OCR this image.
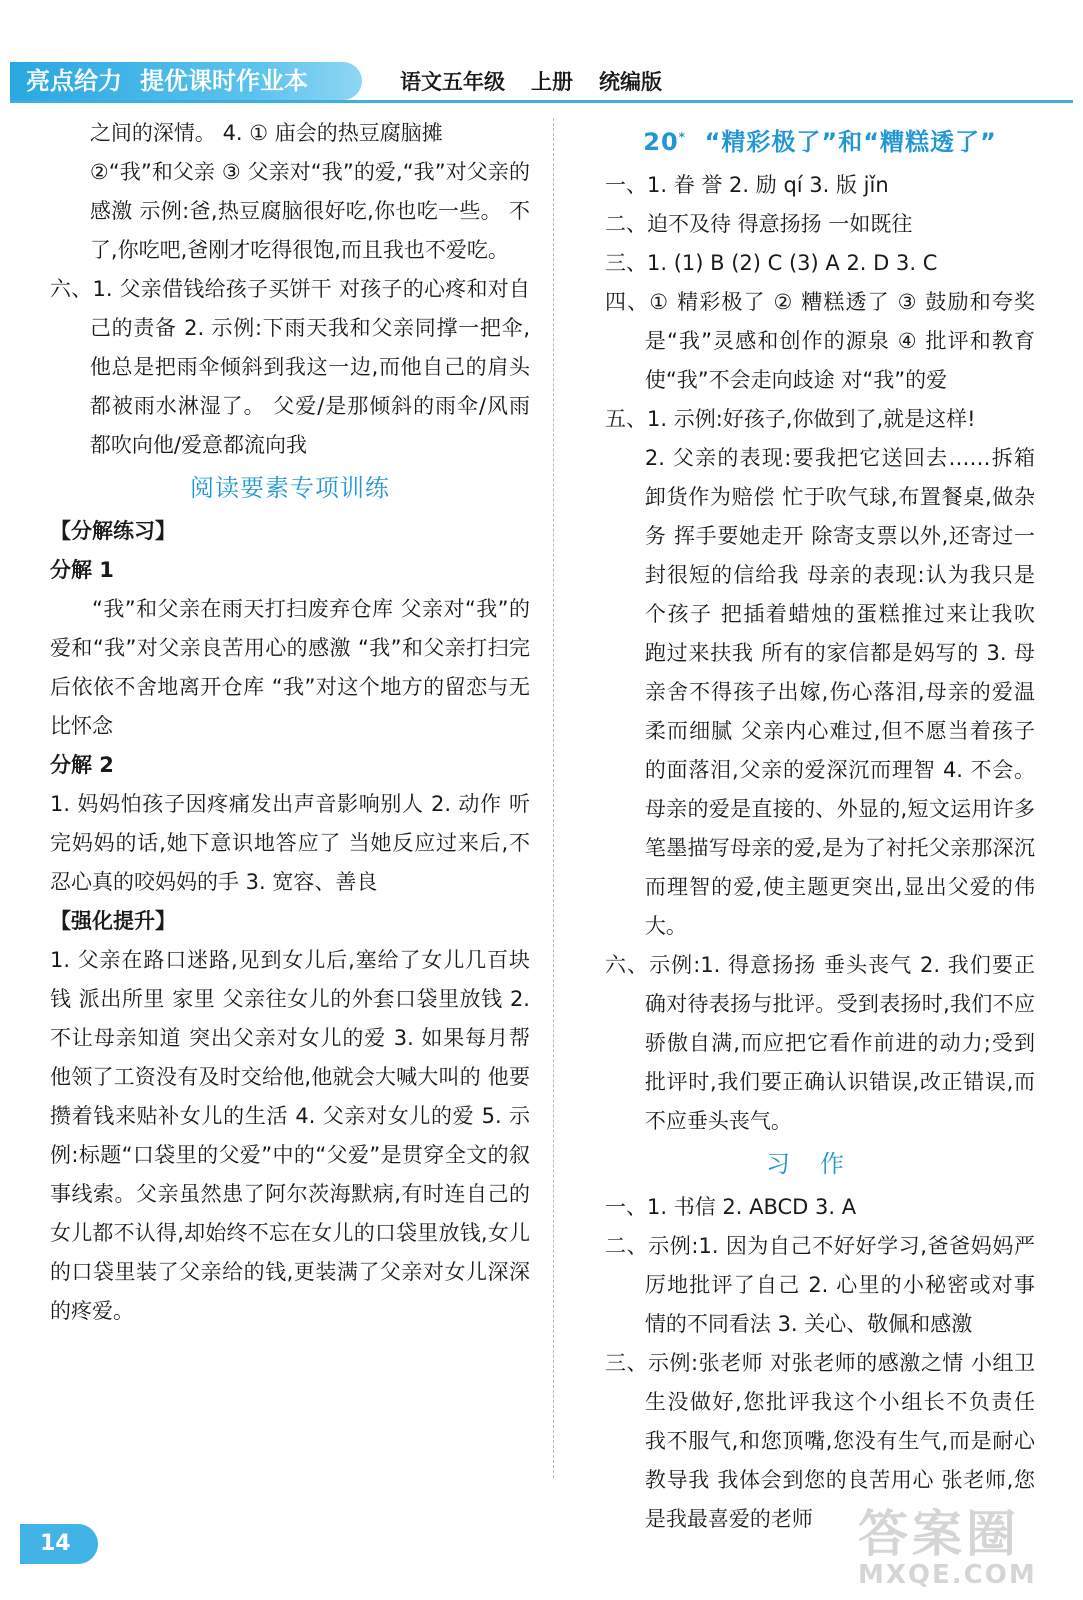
亮点给力 提优课时作业本	语文五年级 上册 统编版

之间的深情。 4. ① 庙会的热豆腐脑摊

②“我”和父亲 ③ 父亲对“我”的爱,“我”对父亲的感激 示例:爸,热豆腐脑很好吃,你也吃一些。 不了,你吃吧,爸刚才吃得很饱,而且我也不爱吃。

六、1. 父亲借钱给孩子买饼干 对孩子的心疼和对自己的责备 2. 示例:下雨天我和父亲同撑一把伞,他总是把雨伞倾斜到我这一边,而他自己的肩头都被雨水淋湿了。 父爱/是那倾斜的雨伞/风雨都吹向他/爱意都流向我

阅读要素专项训练

【分解练习】

分解 1

“我”和父亲在雨天打扫废弃仓库 父亲对“我”的爱和“我”对父亲良苦用心的感激 “我”和父亲打扫完后依依不舍地离开仓库 “我”对这个地方的留恋与无比怀念

分解 2

1. 妈妈怕孩子因疼痛发出声音影响别人 2. 动作 听完妈妈的话,她下意识地答应了 当她反应过来后,不忍心真的咬妈妈的手 3. 宽容、善良

【强化提升】

1. 父亲在路口迷路,见到女儿后,塞给了女儿几百块钱 派出所里 家里 父亲往女儿的外套口袋里放钱 2. 不让母亲知道 突出父亲对女儿的爱 3. 如果每月帮他领了工资没有及时交给他,他就会大喊大叫的 他要攒着钱来贴补女儿的生活 4. 父亲对女儿的爱 5. 示例:标题“口袋里的父爱”中的“父爱”是贯穿全文的叙事线索。父亲虽然患了阿尔茨海默病,有时连自己的女儿都不认得,却始终不忘在女儿的口袋里放钱,女儿的口袋里装了父亲给的钱,更装满了父亲对女儿深深的疼爱。

20* “精彩极了”和“糟糕透了”

一、1. 眷 誉 2. 励 qí 3. 版 jǐn

二、迫不及待 得意扬扬 一如既往

三、1. (1) B (2) C (3) A 2. D 3. C

四、① 精彩极了 ② 糟糕透了 ③ 鼓励和夸奖是“我”灵感和创作的源泉 ④ 批评和教育使“我”不会走向歧途 对“我”的爱

五、1. 示例:好孩子,你做到了,就是这样!

2. 父亲的表现:要我把它送回去……拆箱卸货作为赔偿 忙于吹气球,布置餐桌,做杂务 挥手要她走开 除寄支票以外,还寄过一封很短的信给我 母亲的表现:认为我只是个孩子 把插着蜡烛的蛋糕推过来让我吹 跑过来扶我 所有的家信都是妈写的 3. 母亲舍不得孩子出嫁,伤心落泪,母亲的爱温柔而细腻 父亲内心难过,但不愿当着孩子的面落泪,父亲的爱深沉而理智 4. 不会。母亲的爱是直接的、外显的,短文运用许多笔墨描写母亲的爱,是为了衬托父亲那深沉而理智的爱,使主题更突出,显出父爱的伟大。

六、示例:1. 得意扬扬 垂头丧气 2. 我们要正确对待表扬与批评。受到表扬时,我们不应骄傲自满,而应把它看作前进的动力;受到批评时,我们要正确认识错误,改正错误,而不应垂头丧气。

习作

一、1. 书信 2. ABCD 3. A

二、示例:1. 因为自己不好好学习,爸爸妈妈严厉地批评了自己 2. 心里的小秘密或对事情的不同看法 3. 关心、敬佩和感激

三、示例:张老师 对张老师的感激之情 小组卫生没做好,您批评我这个小组长不负责任 我不服气,和您顶嘴,您没有生气,而是耐心教导我 我体会到您的良苦用心 张老师,您是我最喜爱的老师

14	答案圈
MXQE.COM
